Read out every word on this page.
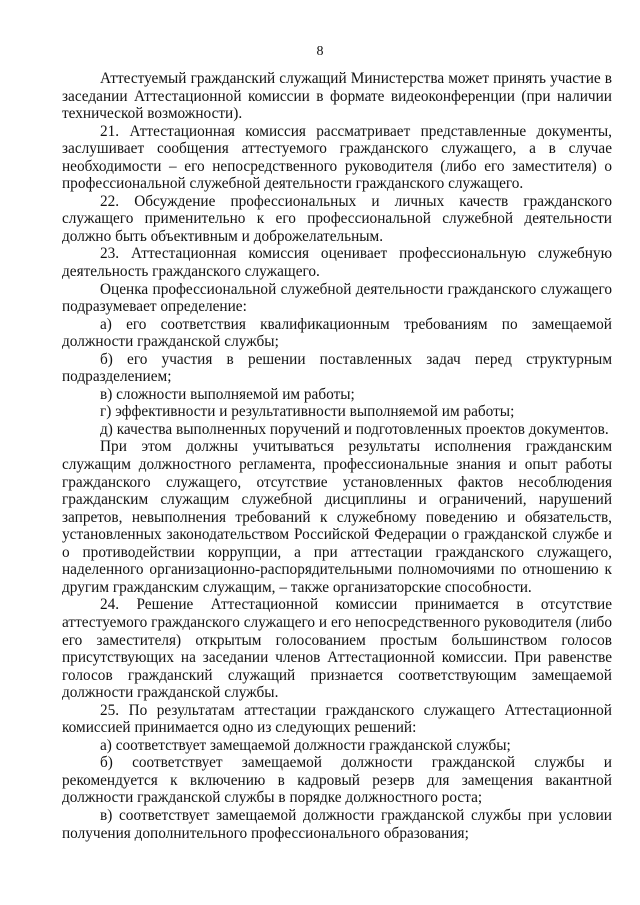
8

Аттестуемый гражданский служащий Министерства может принять участие в заседании Аттестационной комиссии в формате видеоконференции (при наличии технической возможности).

21. Аттестационная комиссия рассматривает представленные документы, заслушивает сообщения аттестуемого гражданского служащего, а в случае необходимости – его непосредственного руководителя (либо его заместителя) о профессиональной служебной деятельности гражданского служащего.

22. Обсуждение профессиональных и личных качеств гражданского служащего применительно к его профессиональной служебной деятельности должно быть объективным и доброжелательным.

23. Аттестационная комиссия оценивает профессиональную служебную деятельность гражданского служащего.

Оценка профессиональной служебной деятельности гражданского служащего подразумевает определение:

а) его соответствия квалификационным требованиям по замещаемой должности гражданской службы;

б) его участия в решении поставленных задач перед структурным подразделением;

в) сложности выполняемой им работы;

г) эффективности и результативности выполняемой им работы;

д) качества выполненных поручений и подготовленных проектов документов.

При этом должны учитываться результаты исполнения гражданским служащим должностного регламента, профессиональные знания и опыт работы гражданского служащего, отсутствие установленных фактов несоблюдения гражданским служащим служебной дисциплины и ограничений, нарушений запретов, невыполнения требований к служебному поведению и обязательств, установленных законодательством Российской Федерации о гражданской службе и о противодействии коррупции, а при аттестации гражданского служащего, наделенного организационно-распорядительными полномочиями по отношению к другим гражданским служащим, – также организаторские способности.

24. Решение Аттестационной комиссии принимается в отсутствие аттестуемого гражданского служащего и его непосредственного руководителя (либо его заместителя) открытым голосованием простым большинством голосов присутствующих на заседании членов Аттестационной комиссии. При равенстве голосов гражданский служащий признается соответствующим замещаемой должности гражданской службы.

25. По результатам аттестации гражданского служащего Аттестационной комиссией принимается одно из следующих решений:

а) соответствует замещаемой должности гражданской службы;

б) соответствует замещаемой должности гражданской службы и рекомендуется к включению в кадровый резерв для замещения вакантной должности гражданской службы в порядке должностного роста;

в) соответствует замещаемой должности гражданской службы при условии получения дополнительного профессионального образования;
